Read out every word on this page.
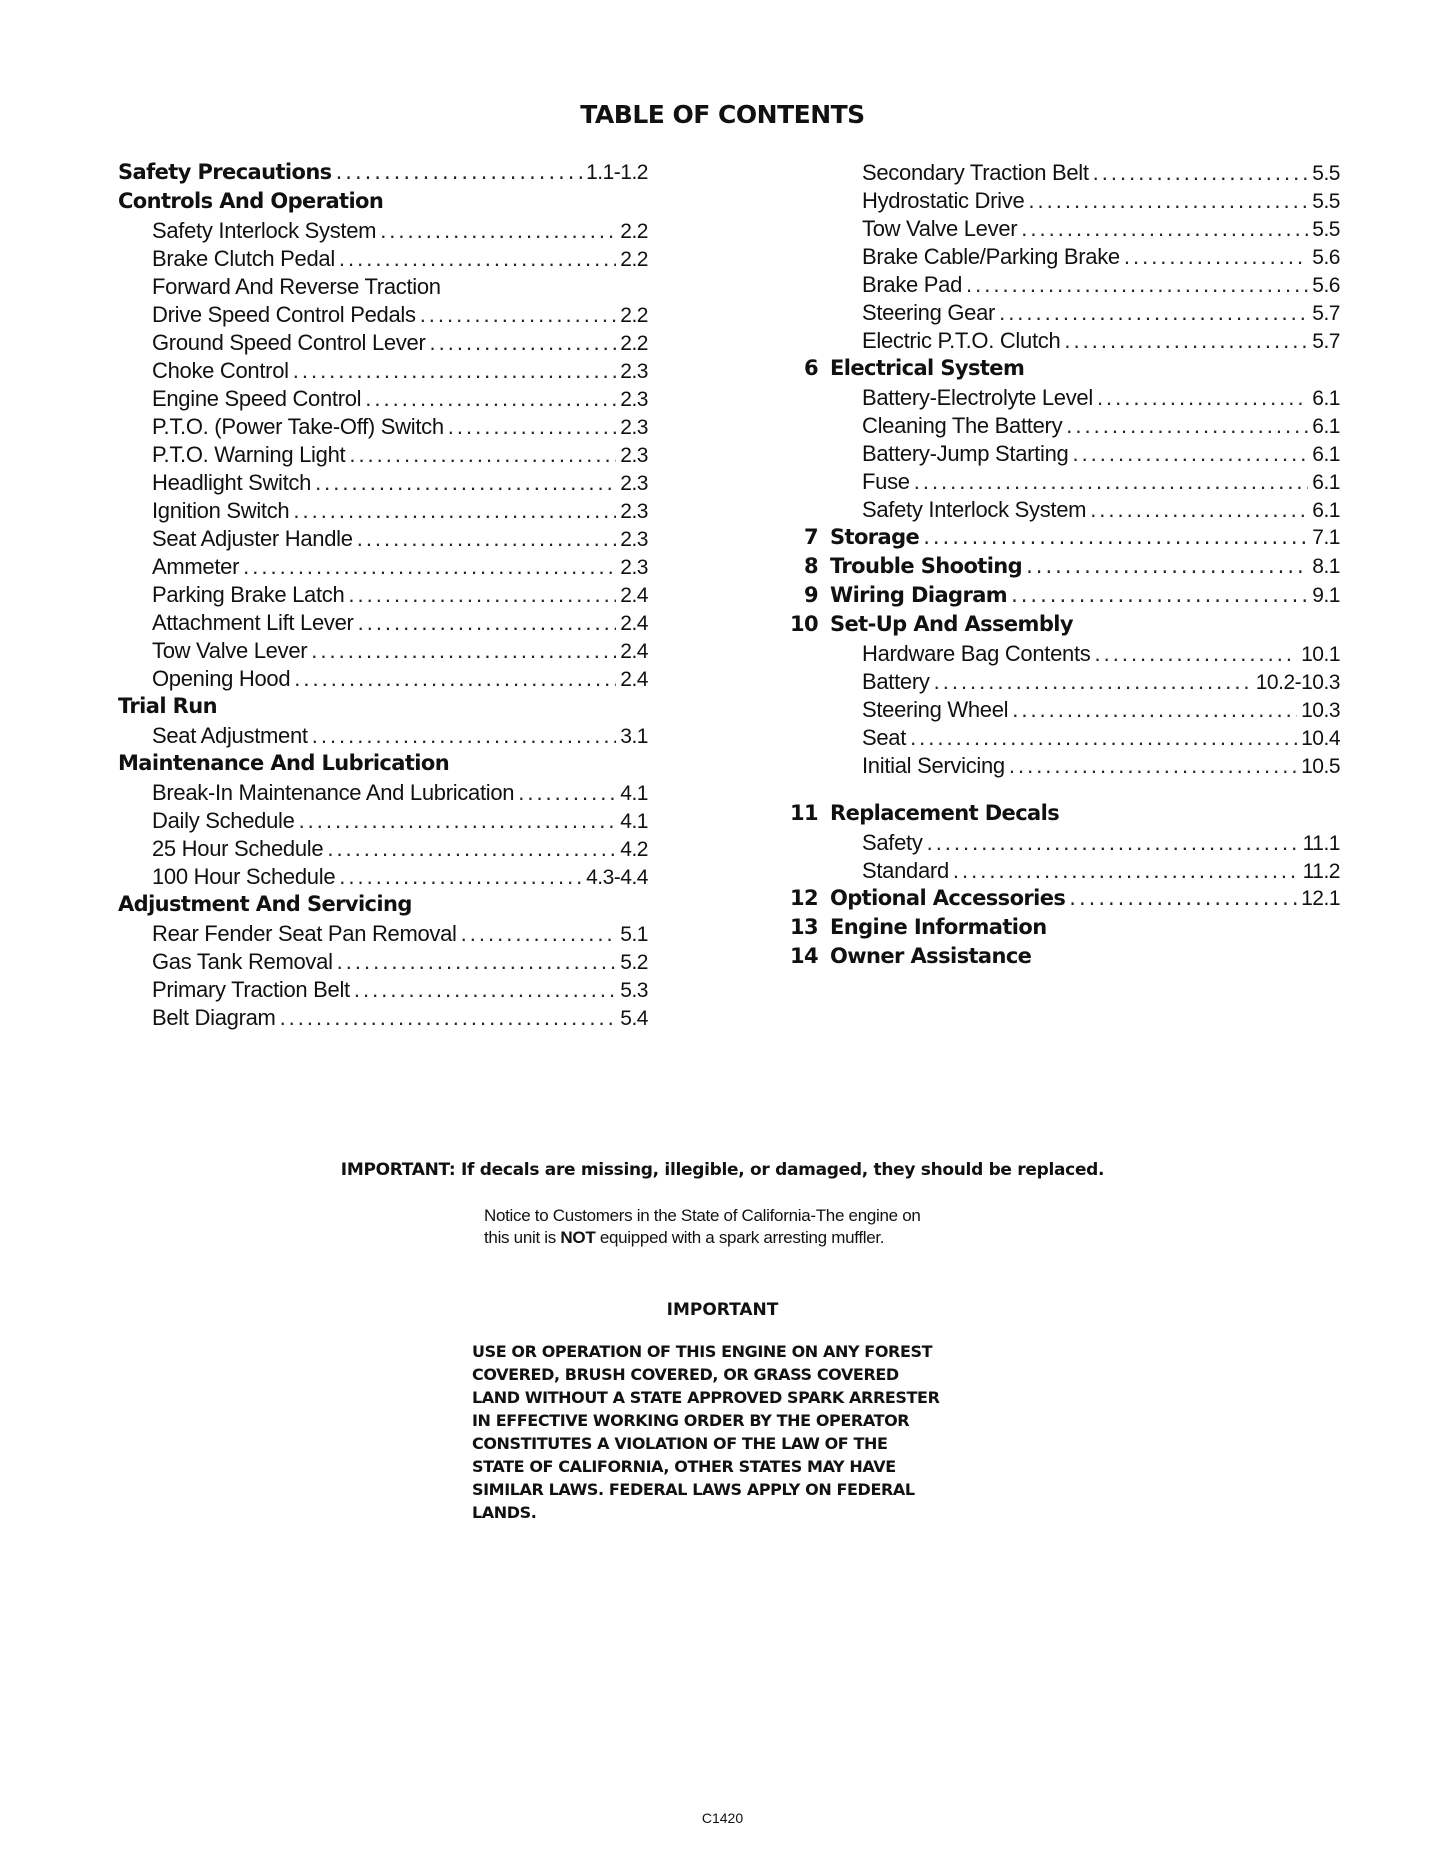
TABLE OF CONTENTS
Safety Precautions .....	1.1-1.2
Controls And Operation
Safety Interlock System .....	2.2
Brake Clutch Pedal .....	2.2
Forward And Reverse Traction
Drive Speed Control Pedals .....	2.2
Ground Speed Control Lever .....	2.2
Choke Control .....	2.3
Engine Speed Control .....	2.3
P.T.O. (Power Take-Off) Switch .....	2.3
P.T.O. Warning Light .....	2.3
Headlight Switch .....	2.3
Ignition Switch .....	2.3
Seat Adjuster Handle .....	2.3
Ammeter .....	2.3
Parking Brake Latch .....	2.4
Attachment Lift Lever .....	2.4
Tow Valve Lever .....	2.4
Opening Hood .....	2.4
Trial Run
Seat Adjustment .....	3.1
Maintenance And Lubrication
Break-In Maintenance And Lubrication .....	4.1
Daily Schedule .....	4.1
25 Hour Schedule .....	4.2
100 Hour Schedule .....	4.3-4.4
Adjustment And Servicing
Rear Fender Seat Pan Removal .....	5.1
Gas Tank Removal .....	5.2
Primary Traction Belt .....	5.3
Belt Diagram .....	5.4
Secondary Traction Belt .....	5.5
Hydrostatic Drive .....	5.5
Tow Valve Lever .....	5.5
Brake Cable/Parking Brake .....	5.6
Brake Pad .....	5.6
Steering Gear .....	5.7
Electric P.T.O. Clutch .....	5.7
6 Electrical System
Battery-Electrolyte Level .....	6.1
Cleaning The Battery .....	6.1
Battery-Jump Starting .....	6.1
Fuse .....	6.1
Safety Interlock System .....	6.1
7 Storage .....	7.1
8 Trouble Shooting .....	8.1
9 Wiring Diagram .....	9.1
10 Set-Up And Assembly
Hardware Bag Contents .....	10.1
Battery .....	10.2-10.3
Steering Wheel .....	10.3
Seat .....	10.4
Initial Servicing .....	10.5
11 Replacement Decals
Safety .....	11.1
Standard .....	11.2
12 Optional Accessories .....	12.1
13 Engine Information
14 Owner Assistance

IMPORTANT: If decals are missing, illegible, or damaged, they should be replaced.

Notice to Customers in the State of California-The engine on this unit is NOT equipped with a spark arresting muffler.

IMPORTANT

USE OR OPERATION OF THIS ENGINE ON ANY FOREST COVERED, BRUSH COVERED, OR GRASS COVERED LAND WITHOUT A STATE APPROVED SPARK ARRESTER IN EFFECTIVE WORKING ORDER BY THE OPERATOR CONSTITUTES A VIOLATION OF THE LAW OF THE STATE OF CALIFORNIA, OTHER STATES MAY HAVE SIMILAR LAWS. FEDERAL LAWS APPLY ON FEDERAL LANDS.

C1420
